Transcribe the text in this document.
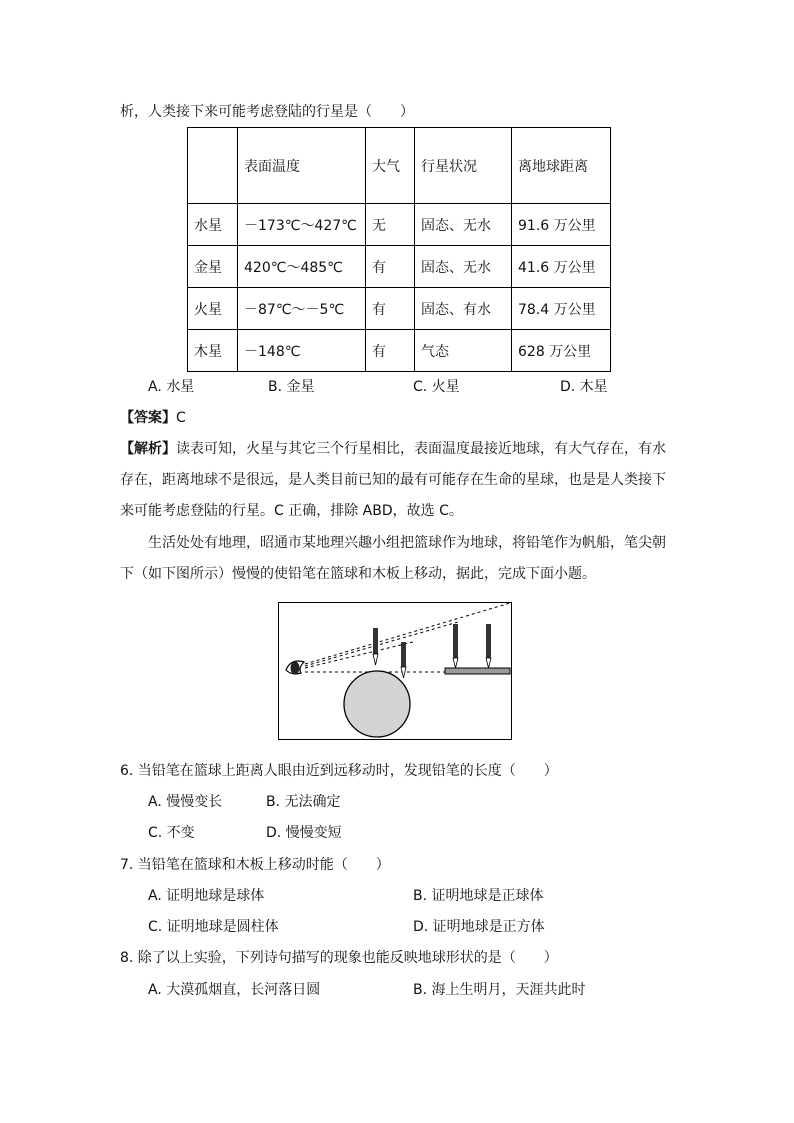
析，人类接下来可能考虑登陆的行星是（　　）
	表面温度	大气	行星状况	离地球距离
水星	－173℃～427℃	无	固态、无水	91.6 万公里
金星	420℃～485℃	有	固态、无水	41.6 万公里
火星	－87℃～－5℃	有	固态、有水	78.4 万公里
木星	－148℃	有	气态	628 万公里
A. 水星	B. 金星	C. 火星	D. 木星
【答案】C
【解析】读表可知，火星与其它三个行星相比，表面温度最接近地球，有大气存在，有水
存在，距离地球不是很远，是人类目前已知的最有可能存在生命的星球，也是是人类接下
来可能考虑登陆的行星。C 正确，排除 ABD，故选 C。
生活处处有地理，昭通市某地理兴趣小组把篮球作为地球，将铅笔作为帆船，笔尖朝
下（如下图所示）慢慢的使铅笔在篮球和木板上移动，据此，完成下面小题。
6. 当铅笔在篮球上距离人眼由近到远移动时，发现铅笔的长度（　　）
A. 慢慢变长	B. 无法确定
C. 不变	D. 慢慢变短
7. 当铅笔在篮球和木板上移动时能（　　）
A. 证明地球是球体	B. 证明地球是正球体
C. 证明地球是圆柱体	D. 证明地球是正方体
8. 除了以上实验，下列诗句描写的现象也能反映地球形状的是（　　）
A. 大漠孤烟直，长河落日圆	B. 海上生明月，天涯共此时
